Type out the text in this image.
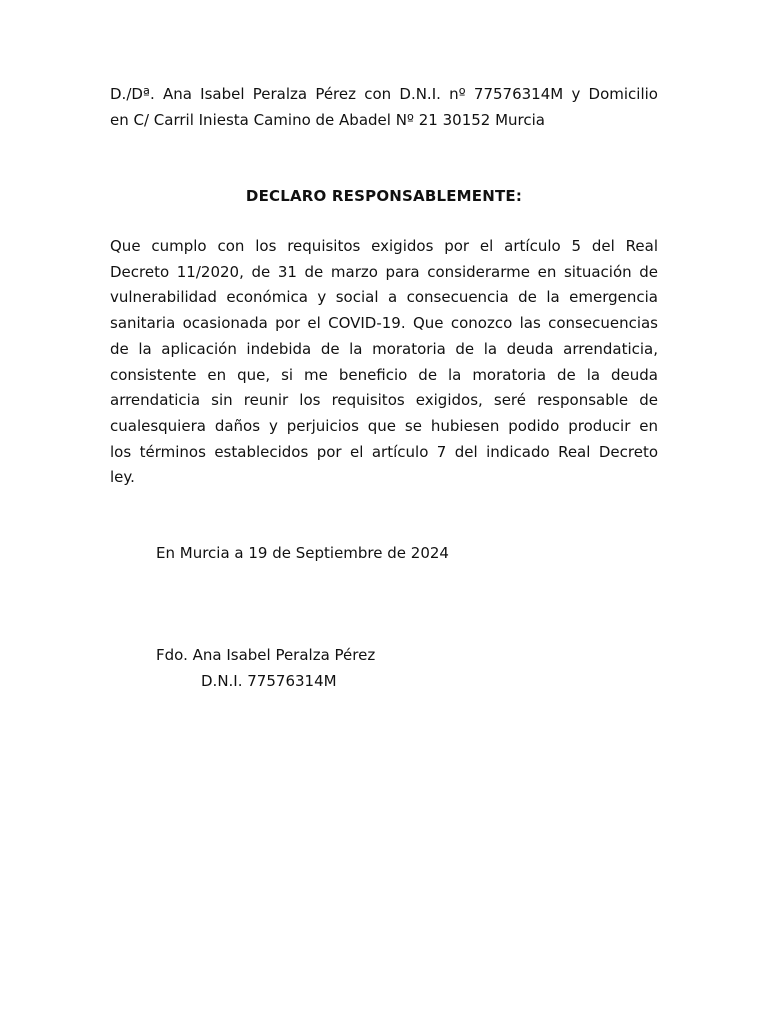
D./Dª. Ana Isabel Peralza Pérez con D.N.I. nº 77576314M y Domicilio
en C/ Carril Iniesta Camino de Abadel Nº 21 30152 Murcia
DECLARO RESPONSABLEMENTE:
Que cumplo con los requisitos exigidos por el artículo 5 del Real
Decreto 11/2020, de 31 de marzo para considerarme en situación de
vulnerabilidad económica y social a consecuencia de la emergencia
sanitaria ocasionada por el COVID-19. Que conozco las consecuencias
de la aplicación indebida de la moratoria de la deuda arrendaticia,
consistente en que, si me beneficio de la moratoria de la deuda
arrendaticia sin reunir los requisitos exigidos, seré responsable de
cualesquiera daños y perjuicios que se hubiesen podido producir en
los términos establecidos por el artículo 7 del indicado Real Decreto
ley.
En Murcia a 19 de Septiembre de 2024
Fdo. Ana Isabel Peralza Pérez
D.N.I. 77576314M
